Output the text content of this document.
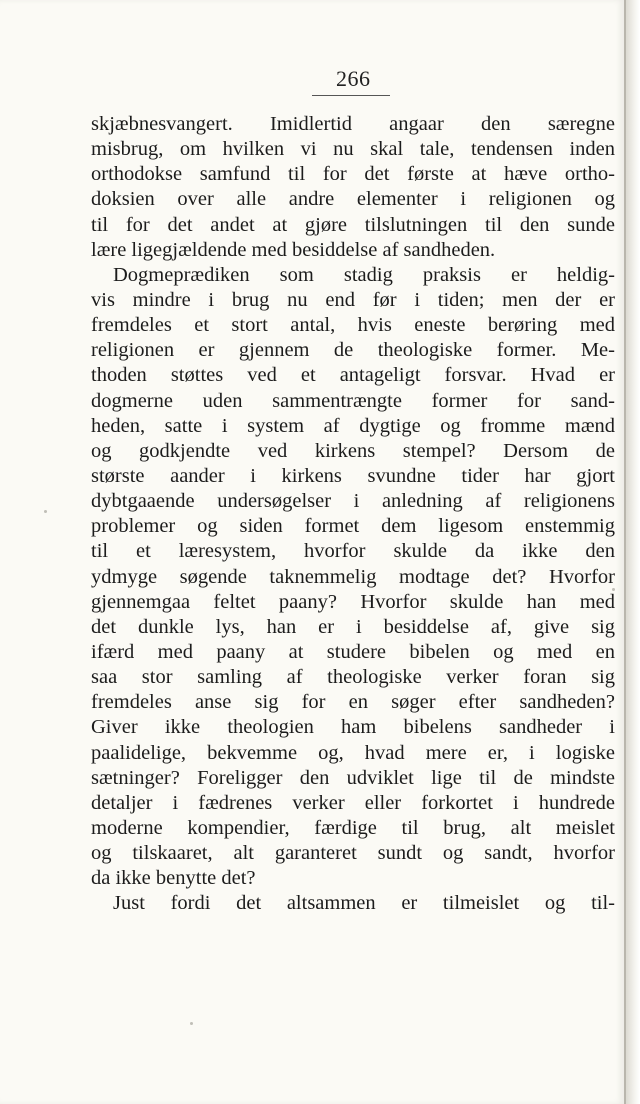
266
skjæbnesvangert. Imidlertid angaar den særegne
misbrug, om hvilken vi nu skal tale, tendensen inden
orthodokse samfund til for det første at hæve ortho-
doksien over alle andre elementer i religionen og
til for det andet at gjøre tilslutningen til den sunde
lære ligegjældende med besiddelse af sandheden.
Dogmeprædiken som stadig praksis er heldig-
vis mindre i brug nu end før i tiden; men der er
fremdeles et stort antal, hvis eneste berøring med
religionen er gjennem de theologiske former. Me-
thoden støttes ved et antageligt forsvar. Hvad er
dogmerne uden sammentrængte former for sand-
heden, satte i system af dygtige og fromme mænd
og godkjendte ved kirkens stempel? Dersom de
største aander i kirkens svundne tider har gjort
dybtgaaende undersøgelser i anledning af religionens
problemer og siden formet dem ligesom enstemmig
til et læresystem, hvorfor skulde da ikke den
ydmyge søgende taknemmelig modtage det? Hvorfor
gjennemgaa feltet paany? Hvorfor skulde han med
det dunkle lys, han er i besiddelse af, give sig
ifærd med paany at studere bibelen og med en
saa stor samling af theologiske verker foran sig
fremdeles anse sig for en søger efter sandheden?
Giver ikke theologien ham bibelens sandheder i
paalidelige, bekvemme og, hvad mere er, i logiske
sætninger? Foreligger den udviklet lige til de mindste
detaljer i fædrenes verker eller forkortet i hundrede
moderne kompendier, færdige til brug, alt meislet
og tilskaaret, alt garanteret sundt og sandt, hvorfor
da ikke benytte det?
Just fordi det altsammen er tilmeislet og til-
